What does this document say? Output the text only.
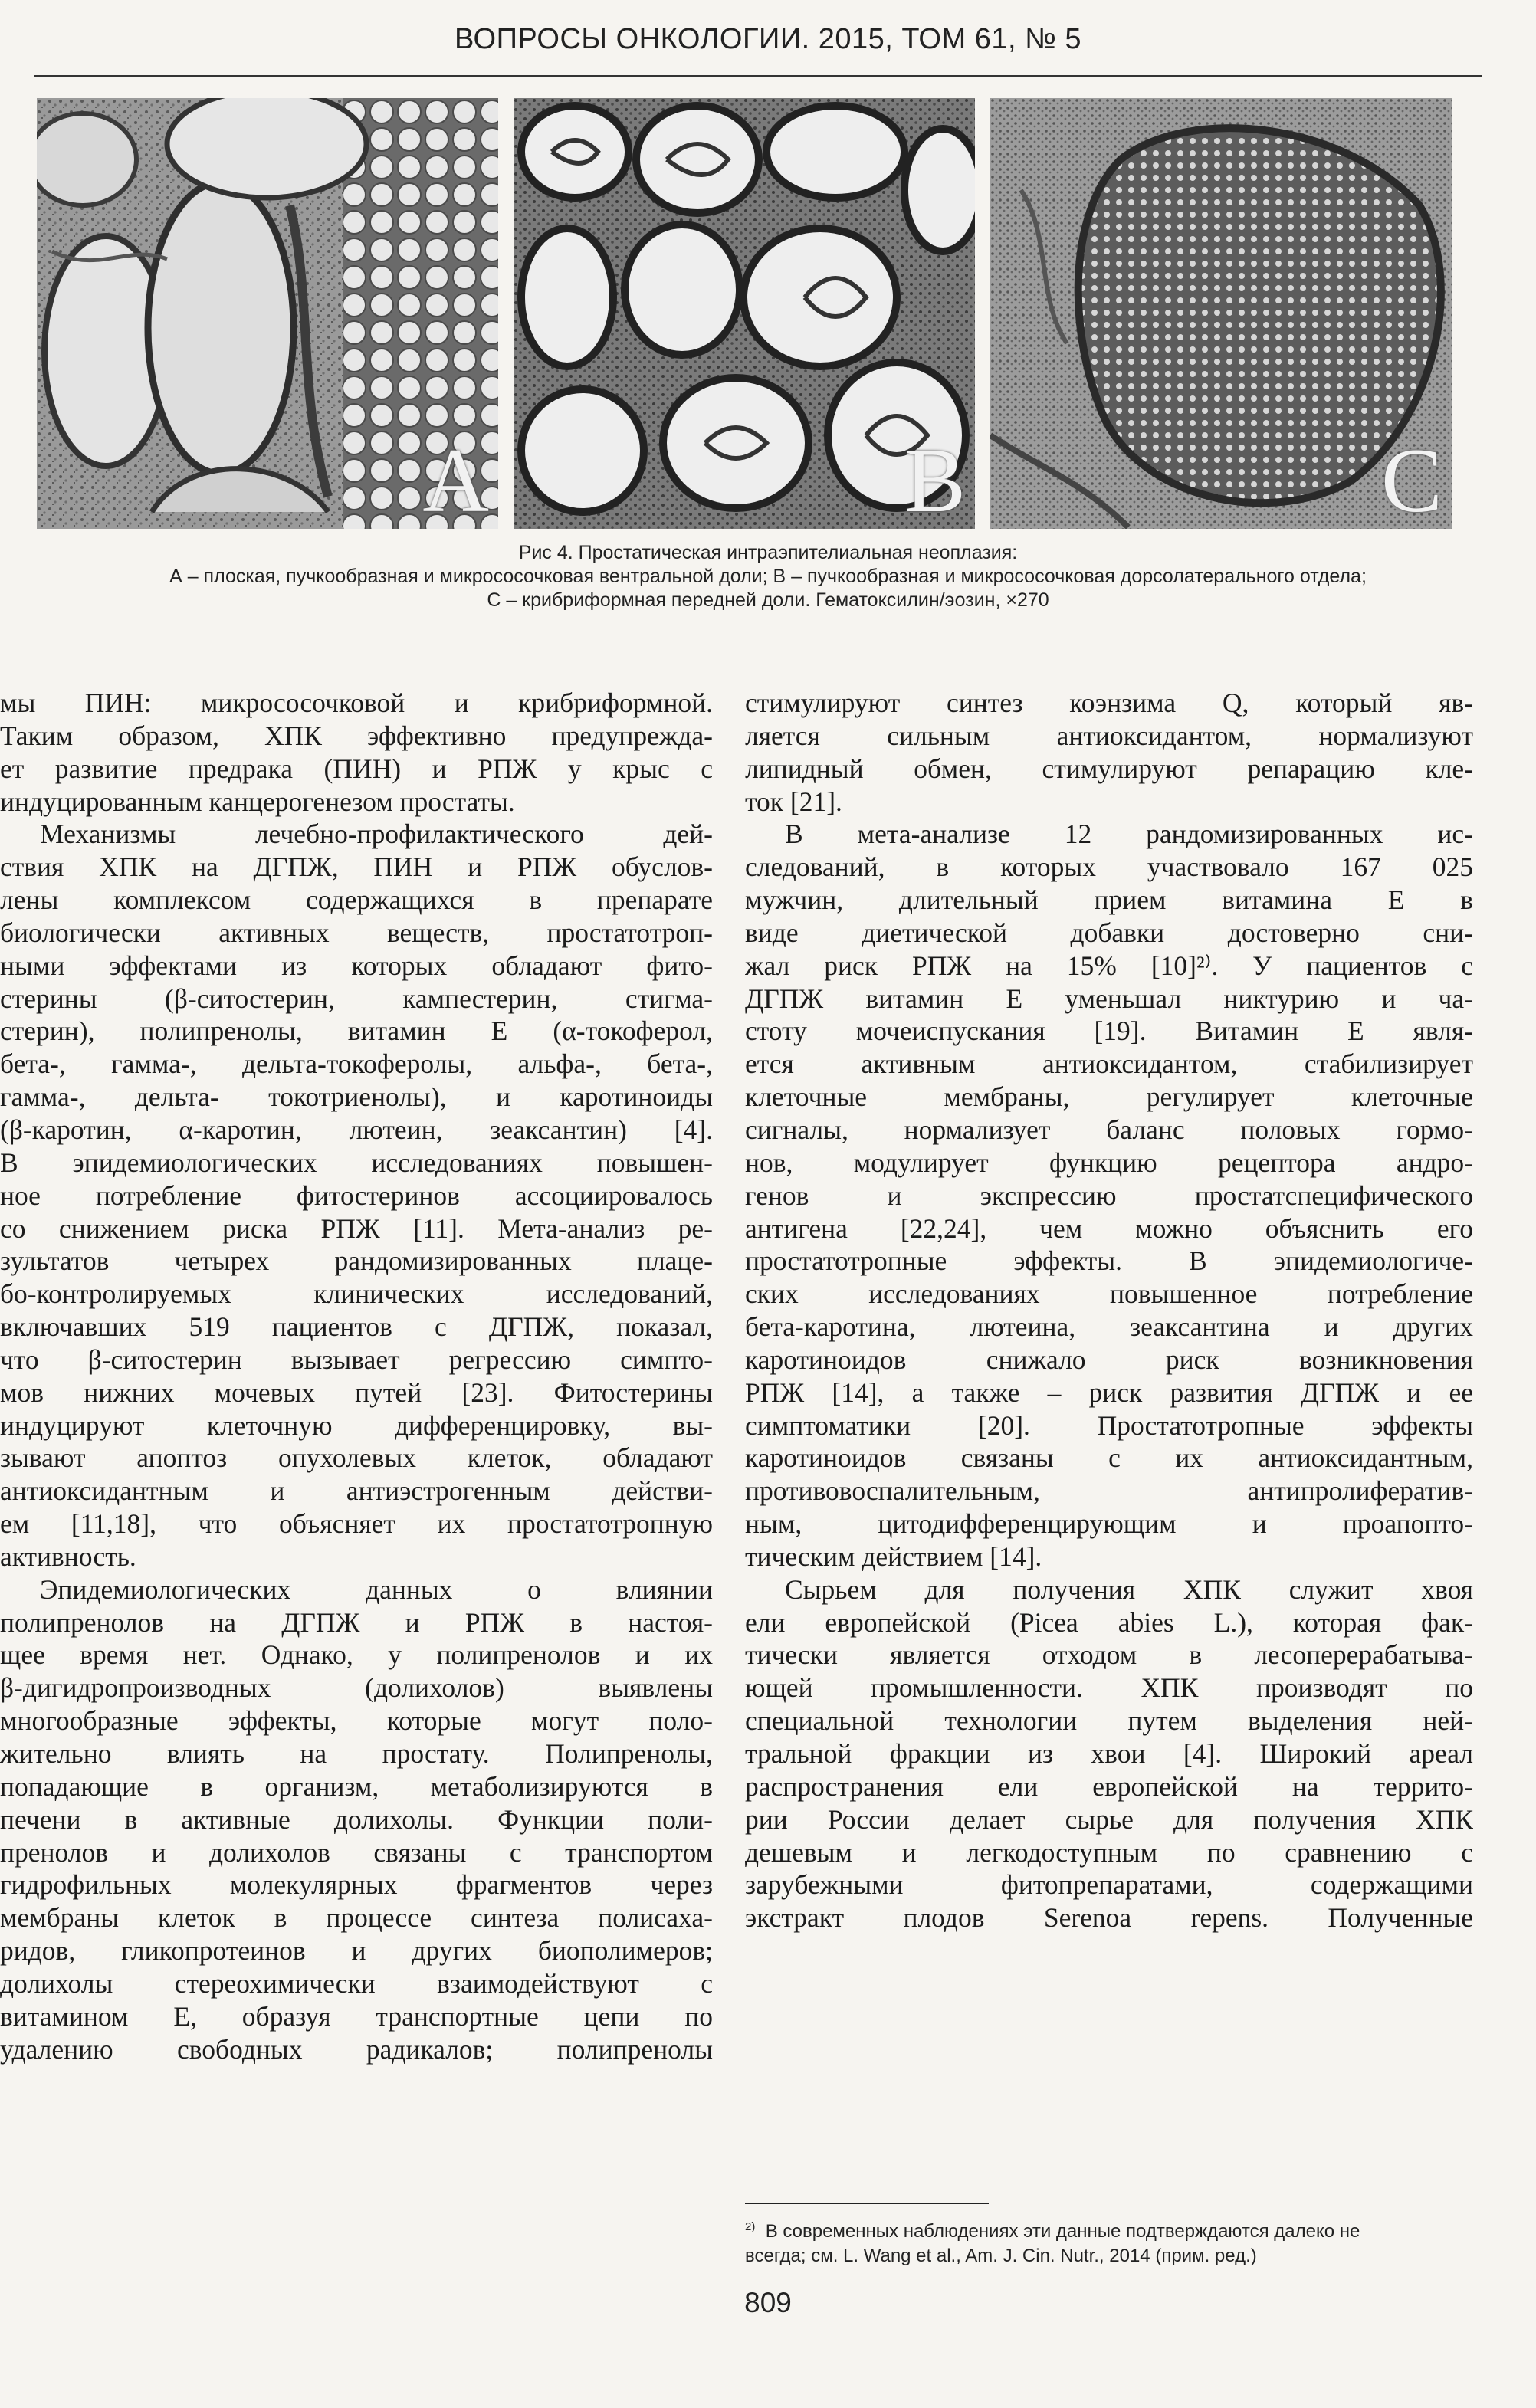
ВОПРОСЫ ОНКОЛОГИИ. 2015, ТОМ 61, № 5
A	B	C
Рис 4. Простатическая интраэпителиальная неоплазия:
А – плоская, пучкообразная и микрососочковая вентральной доли; В – пучкообразная и микрососочковая дорсолатерального отдела;
С – крибриформная передней доли. Гематоксилин/эозин, ×270
мы ПИН: микрососочковой и крибриформной.
Таким образом, ХПК эффективно предупрежда-
ет развитие предрака (ПИН) и РПЖ у крыс с
индуцированным канцерогенезом простаты.
Механизмы лечебно-профилактического дей-
ствия ХПК на ДГПЖ, ПИН и РПЖ обуслов-
лены комплексом содержащихся в препарате
биологически активных веществ, простатотроп-
ными эффектами из которых обладают фито-
стерины (β-ситостерин, кампестерин, стигма-
стерин), полипренолы, витамин Е (α-токоферол,
бета-, гамма-, дельта-токоферолы, альфа-, бета-,
гамма-, дельта- токотриенолы), и каротиноиды
(β-каротин, α-каротин, лютеин, зеаксантин) [4].
В эпидемиологических исследованиях повышен-
ное потребление фитостеринов ассоциировалось
со снижением риска РПЖ [11]. Мета-анализ ре-
зультатов четырех рандомизированных плаце-
бо-контролируемых клинических исследований,
включавших 519 пациентов с ДГПЖ, показал,
что β-ситостерин вызывает регрессию симпто-
мов нижних мочевых путей [23]. Фитостерины
индуцируют клеточную дифференцировку, вы-
зывают апоптоз опухолевых клеток, обладают
антиоксидантным и антиэстрогенным действи-
ем [11,18], что объясняет их простатотропную
активность.
Эпидемиологических данных о влиянии
полипренолов на ДГПЖ и РПЖ в настоя-
щее время нет. Однако, у полипренолов и их
β-дигидропроизводных (долихолов) выявлены
многообразные эффекты, которые могут поло-
жительно влиять на простату. Полипренолы,
попадающие в организм, метаболизируются в
печени в активные долихолы. Функции поли-
пренолов и долихолов связаны с транспортом
гидрофильных молекулярных фрагментов через
мембраны клеток в процессе синтеза полисаха-
ридов, гликопротеинов и других биополимеров;
долихолы стереохимически взаимодействуют с
витамином Е, образуя транспортные цепи по
удалению свободных радикалов; полипренолы
стимулируют синтез коэнзима Q, который яв-
ляется сильным антиоксидантом, нормализуют
липидный обмен, стимулируют репарацию кле-
ток [21].
В мета-анализе 12 рандомизированных ис-
следований, в которых участвовало 167 025
мужчин, длительный прием витамина Е в
виде диетической добавки достоверно сни-
жал риск РПЖ на 15% [10]²⁾. У пациентов с
ДГПЖ витамин Е уменьшал никтурию и ча-
стоту мочеиспускания [19]. Витамин Е явля-
ется активным антиоксидантом, стабилизирует
клеточные мембраны, регулирует клеточные
сигналы, нормализует баланс половых гормо-
нов, модулирует функцию рецептора андро-
генов и экспрессию простатспецифического
антигена [22,24], чем можно объяснить его
простатотропные эффекты. В эпидемиологиче-
ских исследованиях повышенное потребление
бета-каротина, лютеина, зеаксантина и других
каротиноидов снижало риск возникновения
РПЖ [14], а также – риск развития ДГПЖ и ее
симптоматики [20]. Простатотропные эффекты
каротиноидов связаны с их антиоксидантным,
противовоспалительным, антипролифератив-
ным, цитодифференцирующим и проапопто-
тическим действием [14].
Сырьем для получения ХПК служит хвоя
ели европейской (Picea abies L.), которая фак-
тически является отходом в лесоперерабатыва-
ющей промышленности. ХПК производят по
специальной технологии путем выделения ней-
тральной фракции из хвои [4]. Широкий ареал
распространения ели европейской на террито-
рии России делает сырье для получения ХПК
дешевым и легкодоступным по сравнению с
зарубежными фитопрепаратами, содержащими
экстракт плодов Serenoa repens. Полученные
$^{2)}$ В современных наблюдениях эти данные подтверждаются далеко не
всегда; см. L. Wang et al., Am. J. Cin. Nutr., 2014 (прим. ред.)
809
